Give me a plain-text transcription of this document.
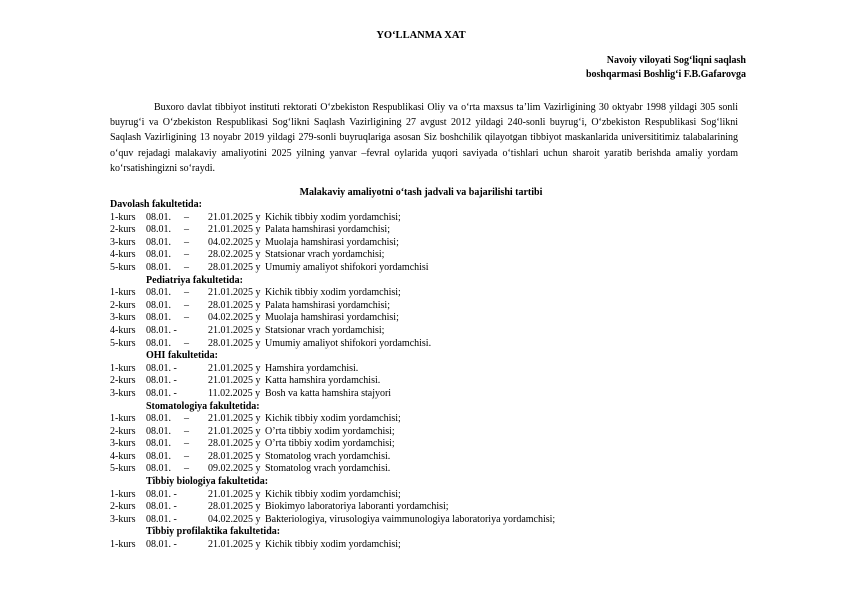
YO‘LLANMA XAT
Navoiy viloyati Sog‘liqni saqlash
boshqarmasi Boshlig‘i F.B.Gafarovga
Buxoro davlat tibbiyot instituti rektorati O‘zbekiston Respublikasi Oliy va o‘rta maxsus ta’lim Vazirligining 30 oktyabr 1998 yildagi 305 sonli buyrug‘i va O‘zbekiston Respublikasi Sog‘likni Saqlash Vazirligining 27 avgust 2012 yildagi 240-sonli buyrug‘i, O‘zbekiston Respublikasi Sog‘likni Saqlash Vazirligining 13 noyabr 2019 yildagi 279-sonli buyruqlariga asosan Siz boshchilik qilayotgan tibbiyot maskanlarida universititimiz talabalarining o‘quv rejadagi malakaviy amaliyotini 2025 yilning yanvar –fevral oylarida yuqori saviyada o‘tishlari uchun sharoit yaratib berishda amaliy yordam ko‘rsatishingizni so‘raydi.
Malakaviy amaliyotni o‘tash jadvali va bajarilishi tartibi
Davolash fakultetida:
1-kurs 08.01. – 21.01.2025 y Kichik tibbiy xodim yordamchisi;
2-kurs 08.01. – 21.01.2025 y Palata hamshirasi yordamchisi;
3-kurs 08.01. – 04.02.2025 y Muolaja hamshirasi yordamchisi;
4-kurs 08.01. – 28.02.2025 y Statsionar vrach yordamchisi;
5-kurs 08.01. – 28.01.2025 y Umumiy amaliyot shifokori yordamchisi
Pediatriya fakultetida:
1-kurs 08.01. – 21.01.2025 y Kichik tibbiy xodim yordamchisi;
2-kurs 08.01. – 28.01.2025 y Palata hamshirasi yordamchisi;
3-kurs 08.01. – 04.02.2025 y Muolaja hamshirasi yordamchisi;
4-kurs 08.01. -	21.01.2025 y Statsionar vrach yordamchisi;
5-kurs 08.01. – 28.01.2025 y Umumiy amaliyot shifokori yordamchisi.
OHI fakultetida:
1-kurs 08.01. -	21.01.2025 y Hamshira yordamchisi.
2-kurs 08.01. -	21.01.2025 y Katta hamshira yordamchisi.
3-kurs 08.01. -	11.02.2025 y Bosh va katta hamshira stajyori
Stomatologiya fakultetida:
1-kurs 08.01. – 21.01.2025 y Kichik tibbiy xodim yordamchisi;
2-kurs 08.01. – 21.01.2025 y O’rta tibbiy xodim yordamchisi;
3-kurs 08.01. – 28.01.2025 y O’rta tibbiy xodim yordamchisi;
4-kurs 08.01. – 28.01.2025 y Stomatolog vrach yordamchisi.
5-kurs 08.01. – 09.02.2025 y Stomatolog vrach yordamchisi.
Tibbiy biologiya fakultetida:
1-kurs 08.01. -	21.01.2025 y Kichik tibbiy xodim yordamchisi;
2-kurs 08.01. -	28.01.2025 y Biokimyo laboratoriya laboranti yordamchisi;
3-kurs 08.01. -	04.02.2025 y Bakteriologiya, virusologiya vaimmunologiya laboratoriya yordamchisi;
Tibbiy profilaktika fakultetida:
1-kurs 08.01. -	21.01.2025 y Kichik tibbiy xodim yordamchisi;
